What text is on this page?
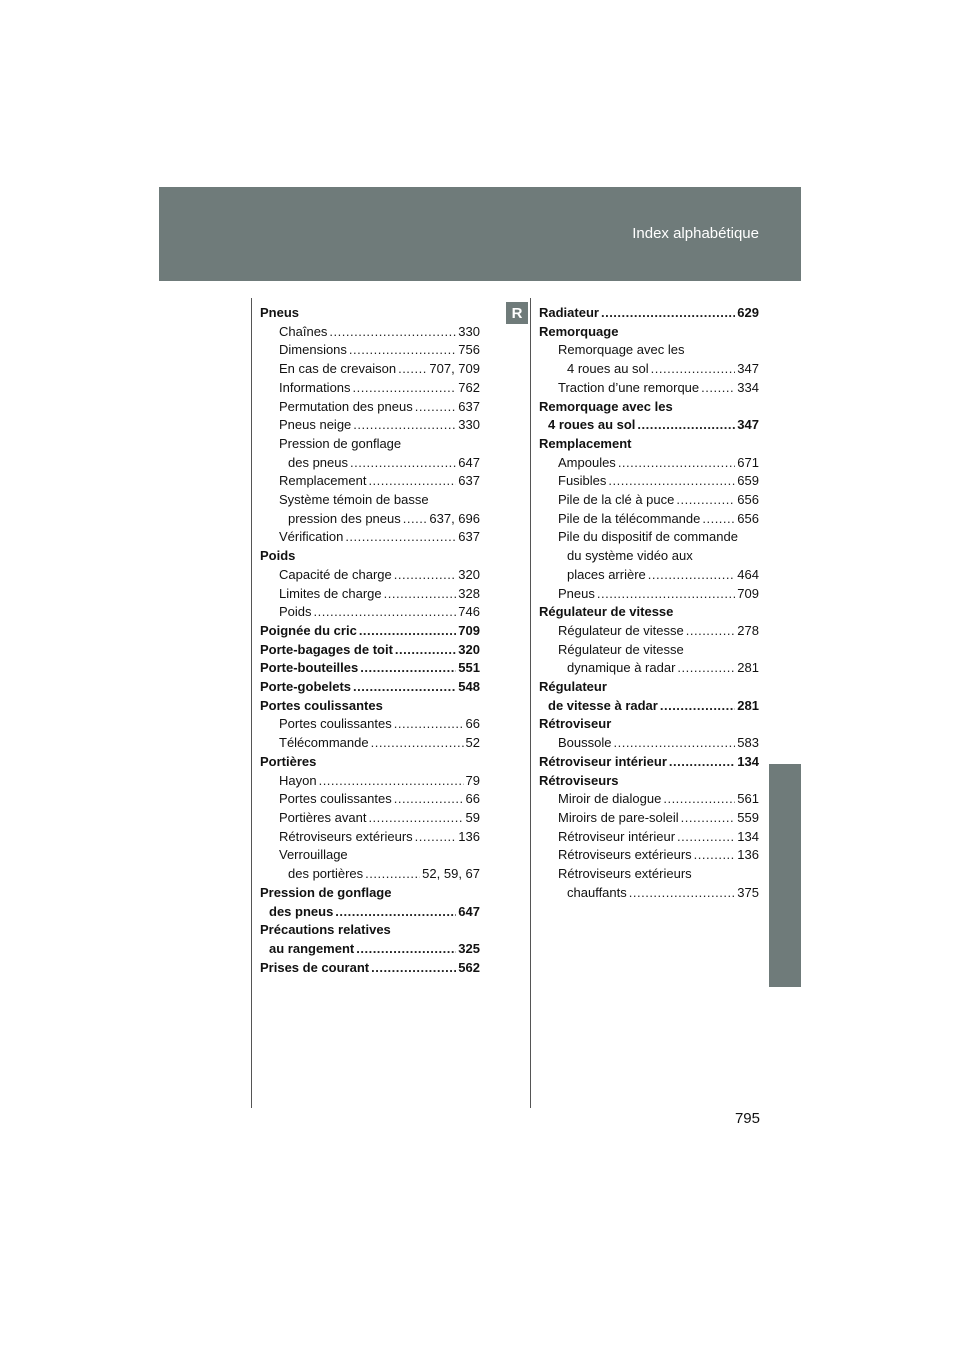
Index alphabétique
R
Pneus
Chaînes .....	330
Dimensions .....	756
En cas de crevaison .....	707, 709
Informations .....	762
Permutation des pneus .....	637
Pneus neige .....	330
Pression de gonflage
des pneus .....	647
Remplacement .....	637
Système témoin de basse
pression des pneus ..... 637, 696
Vérification .....	637
Poids
Capacité de charge .....	320
Limites de charge .....	328
Poids .....	746
Poignée du cric .....	709
Porte-bagages de toit .....	320
Porte-bouteilles .....	551
Porte-gobelets .....	548
Portes coulissantes
Portes coulissantes .....	66
Télécommande .....	52
Portières
Hayon .....	79
Portes coulissantes .....	66
Portières avant .....	59
Rétroviseurs extérieurs .....	136
Verrouillage
des portières .....	52, 59, 67
Pression de gonflage
des pneus .....	647
Précautions relatives
au rangement .....	325
Prises de courant .....	562
Radiateur .....	629
Remorquage
Remorquage avec les
4 roues au sol .....	347
Traction d’une remorque .....	334
Remorquage avec les
4 roues au sol .....	347
Remplacement
Ampoules .....	671
Fusibles .....	659
Pile de la clé à puce .....	656
Pile de la télécommande .....	656
Pile du dispositif de commande
du système vidéo aux
places arrière .....	464
Pneus .....	709
Régulateur de vitesse
Régulateur de vitesse .....	278
Régulateur de vitesse
dynamique à radar .....	281
Régulateur
de vitesse à radar .....	281
Rétroviseur
Boussole .....	583
Rétroviseur intérieur .....	134
Rétroviseurs
Miroir de dialogue .....	561
Miroirs de pare-soleil .....	559
Rétroviseur intérieur .....	134
Rétroviseurs extérieurs .....	136
Rétroviseurs extérieurs
chauffants .....	375
795
